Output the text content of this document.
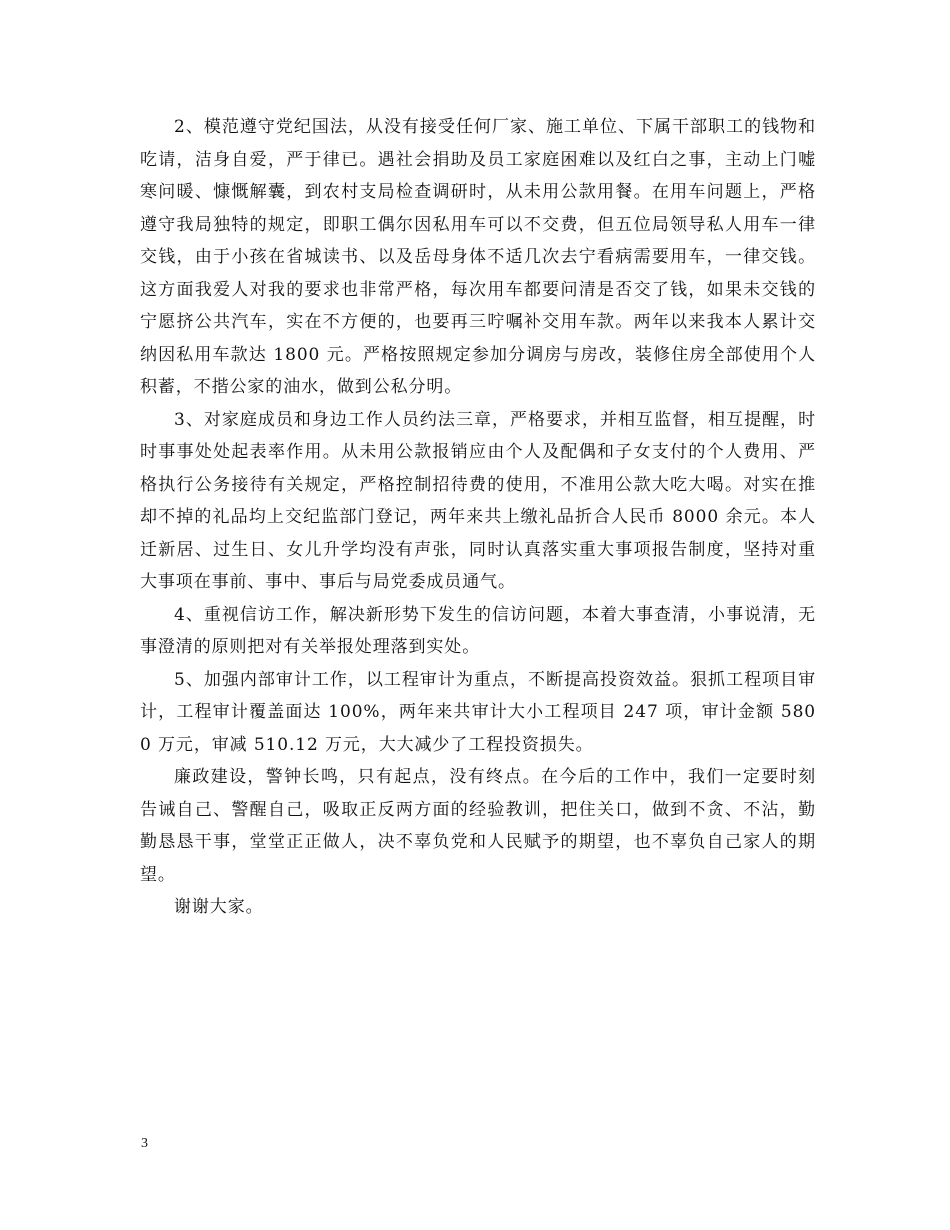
2、模范遵守党纪国法，从没有接受任何厂家、施工单位、下属干部职工的钱物和吃请，洁身自爱，严于律已。遇社会捐助及员工家庭困难以及红白之事，主动上门嘘寒问暖、慷慨解囊，到农村支局检查调研时，从未用公款用餐。在用车问题上，严格遵守我局独特的规定，即职工偶尔因私用车可以不交费，但五位局领导私人用车一律交钱，由于小孩在省城读书、以及岳母身体不适几次去宁看病需要用车，一律交钱。这方面我爱人对我的要求也非常严格，每次用车都要问清是否交了钱，如果未交钱的宁愿挤公共汽车，实在不方便的，也要再三咛嘱补交用车款。两年以来我本人累计交纳因私用车款达 1800 元。严格按照规定参加分调房与房改，装修住房全部使用个人积蓄，不揩公家的油水，做到公私分明。

3、对家庭成员和身边工作人员约法三章，严格要求，并相互监督，相互提醒，时时事事处处起表率作用。从未用公款报销应由个人及配偶和子女支付的个人费用、严格执行公务接待有关规定，严格控制招待费的使用，不准用公款大吃大喝。对实在推却不掉的礼品均上交纪监部门登记，两年来共上缴礼品折合人民币 8000 余元。本人迁新居、过生日、女儿升学均没有声张，同时认真落实重大事项报告制度，坚持对重大事项在事前、事中、事后与局党委成员通气。

4、重视信访工作，解决新形势下发生的信访问题，本着大事查清，小事说清，无事澄清的原则把对有关举报处理落到实处。

5、加强内部审计工作，以工程审计为重点，不断提高投资效益。狠抓工程项目审计，工程审计覆盖面达 100%，两年来共审计大小工程项目 247 项，审计金额 5800 万元，审减 510.12 万元，大大减少了工程投资损失。

廉政建设，警钟长鸣，只有起点，没有终点。在今后的工作中，我们一定要时刻告诫自己、警醒自己，吸取正反两方面的经验教训，把住关口，做到不贪、不沾，勤勤恳恳干事，堂堂正正做人，决不辜负党和人民赋予的期望，也不辜负自己家人的期望。

谢谢大家。

3
